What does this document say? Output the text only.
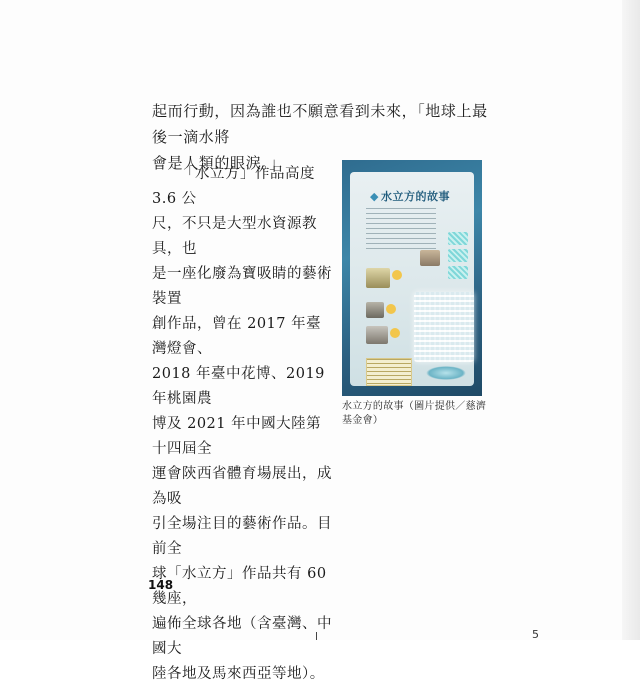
起而行動，因為誰也不願意看到未來，「地球上最後一滴水將

會是人類的眼淚。」

「水立方」作品高度 3.6 公

尺，不只是大型水資源教具，也

是一座化廢為寶吸睛的藝術裝置

創作品，曾在 2017 年臺灣燈會、

2018 年臺中花博、2019 年桃園農

博及 2021 年中國大陸第十四屆全

運會陝西省體育場展出，成為吸

引全場注目的藝術作品。目前全

球「水立方」作品共有 60 幾座，

遍佈全球各地（含臺灣、中國大

陸各地及馬來西亞等地）。

◆ 水立方的故事
水立方的故事（圖片提供／慈濟基金會）
148
5
